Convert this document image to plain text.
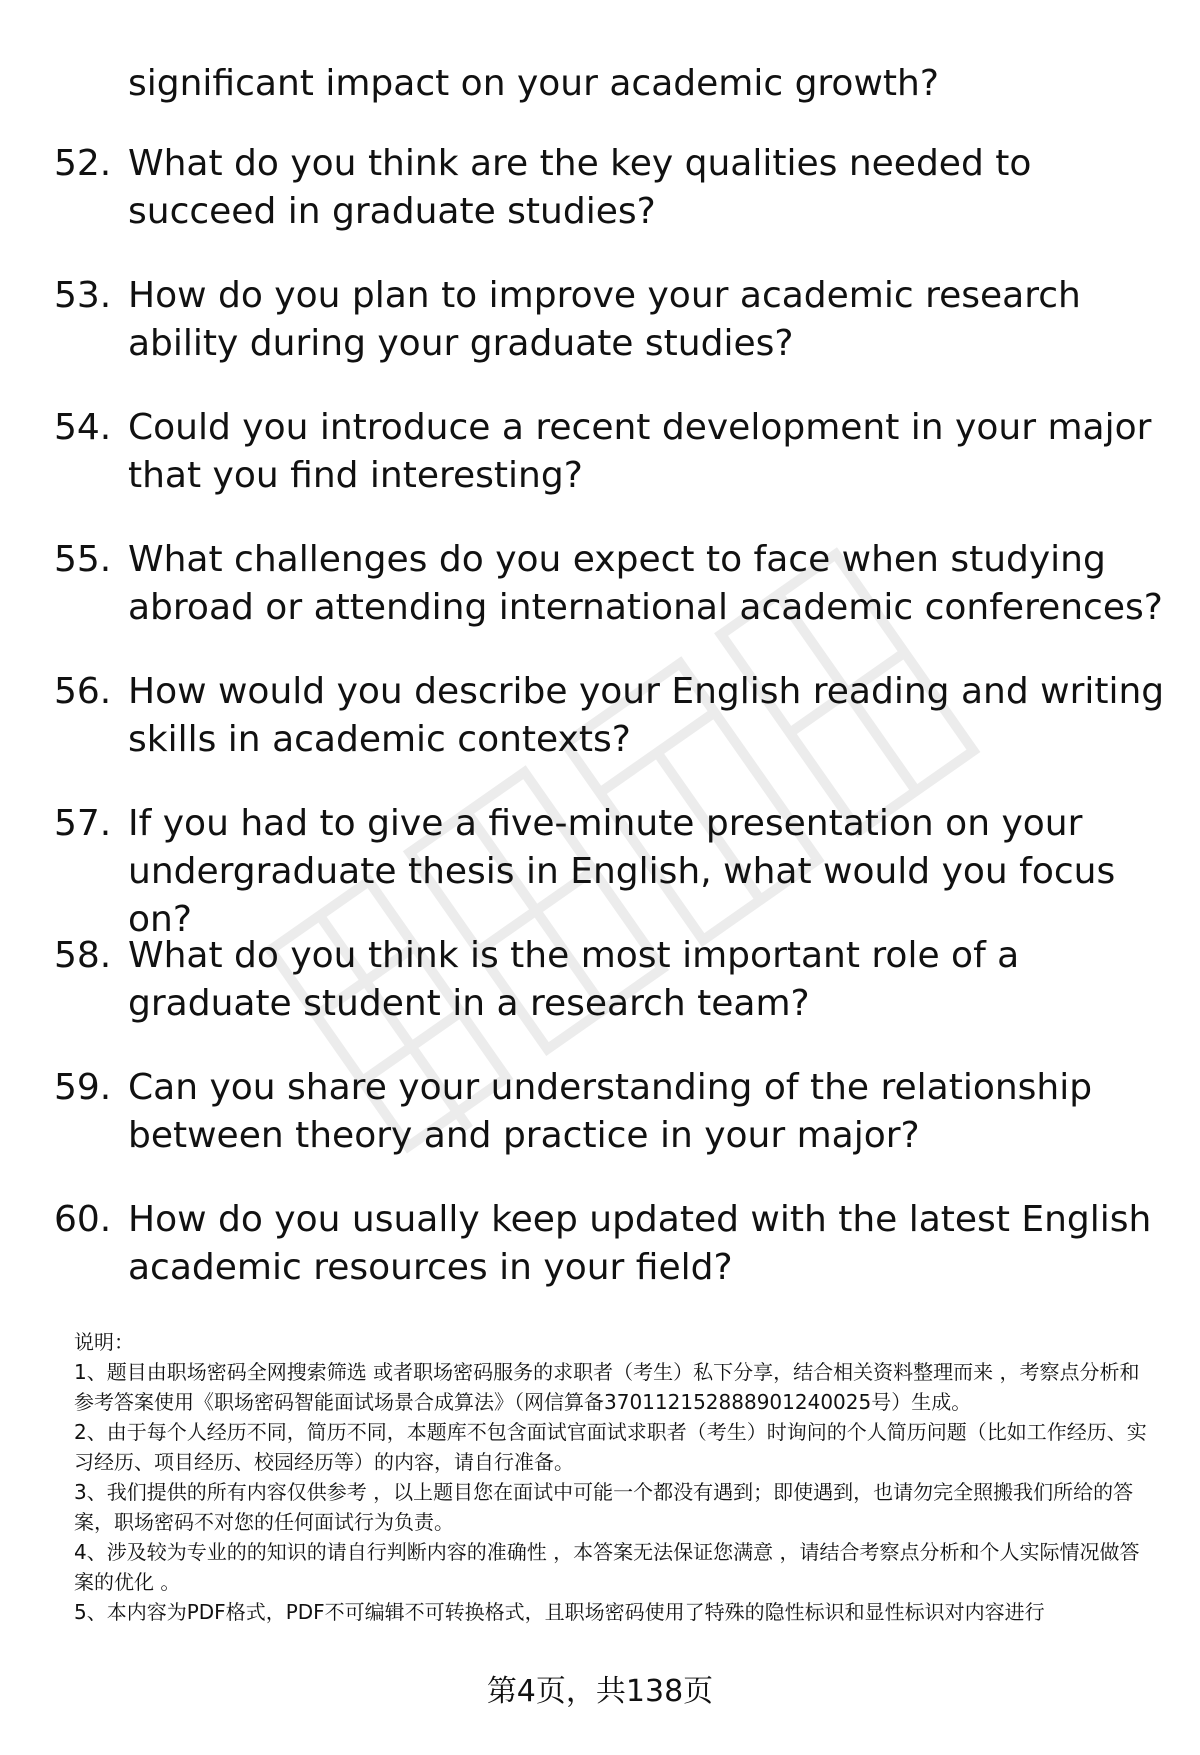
significant impact on your academic growth?
52. What do you think are the key qualities needed to succeed in graduate studies?
53. How do you plan to improve your academic research ability during your graduate studies?
54. Could you introduce a recent development in your major that you find interesting?
55. What challenges do you expect to face when studying abroad or attending international academic conferences?
56. How would you describe your English reading and writing skills in academic contexts?
57. If you had to give a five-minute presentation on your undergraduate thesis in English, what would you focus on?
58. What do you think is the most important role of a graduate student in a research team?
59. Can you share your understanding of the relationship between theory and practice in your major?
60. How do you usually keep updated with the latest English academic resources in your field?
说明：
1、题目由职场密码全网搜索筛选 或者职场密码服务的求职者（考生）私下分享，结合相关资料整理而来 ，考察点分析和参考答案使用《职场密码智能面试场景合成算法》（网信算备370112152888901240025号）生成。
2、由于每个人经历不同，简历不同，本题库不包含面试官面试求职者（考生）时询问的个人简历问题（比如工作经历、实习经历、项目经历、校园经历等）的内容，请自行准备。
3、我们提供的所有内容仅供参考 ，以上题目您在面试中可能一个都没有遇到；即使遇到，也请勿完全照搬我们所给的答案，职场密码不对您的任何面试行为负责。
4、涉及较为专业的的知识的请自行判断内容的准确性 ，本答案无法保证您满意 ，请结合考察点分析和个人实际情况做答案的优化 。
5、本内容为PDF格式，PDF不可编辑不可转换格式，且职场密码使用了特殊的隐性标识和显性标识对内容进行
第4页，共138页
